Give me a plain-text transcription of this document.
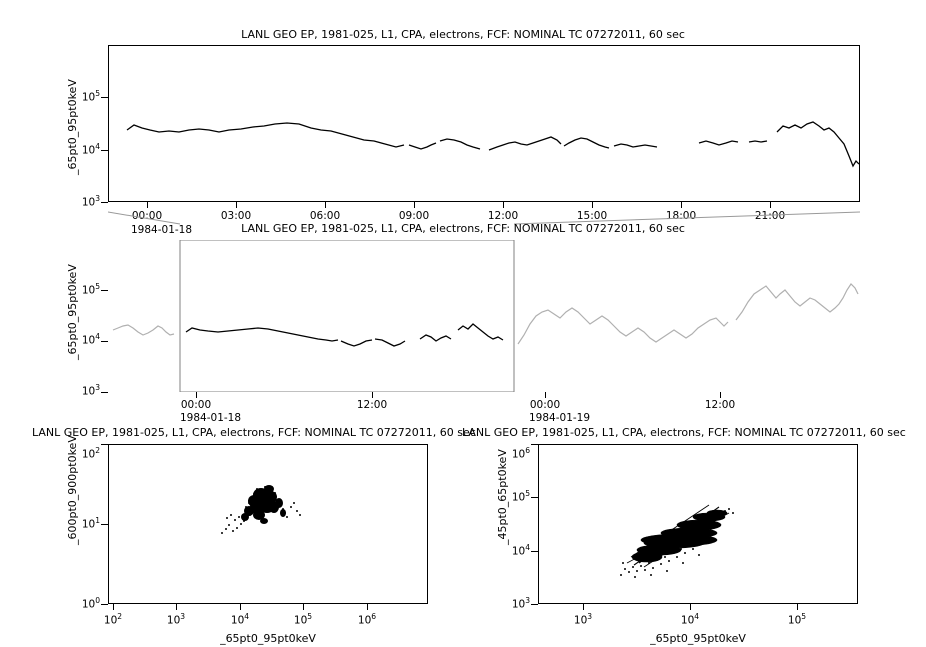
LANL GEO EP, 1981-025, L1, CPA, electrons, FCF: NOMINAL TC 07272011, 60 sec
_65pt0_95pt0keV
$10^3$
$10^4$
$10^5$
00:00	03:00	06:00	09:00	12:00	15:00	18:00	21:00
1984-01-18	LANL GEO EP, 1981-025, L1, CPA, electrons, FCF: NOMINAL TC 07272011, 60 sec
_65pt0_95pt0keV
$10^3$
$10^4$
$10^5$
00:00	12:00	00:00	12:00
1984-01-18	1984-01-19
LANL GEO EP, 1981-025, L1, CPA, electrons, FCF: NOMINAL TC 07272011, 60 sec
_600pt0_900pt0keV
$10^0$
$10^1$
$10^2$
$10^2$	$10^3$	$10^4$	$10^5$	$10^6$
_65pt0_95pt0keV
LANL GEO EP, 1981-025, L1, CPA, electrons, FCF: NOMINAL TC 07272011, 60 sec
_45pt0_65pt0keV
$10^3$
$10^4$
$10^5$
$10^6$
$10^3$	$10^4$	$10^5$
_65pt0_95pt0keV
